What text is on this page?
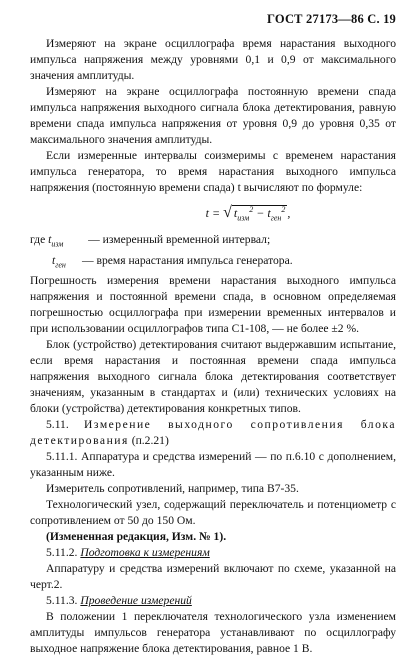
ГОСТ 27173—86 С. 19

Измеряют на экране осциллографа время нарастания выходного импульса напряжения между уровнями 0,1 и 0,9 от максимального значения амплитуды.

Измеряют на экране осциллографа постоянную времени спада импульса напряжения выходного сигнала блока детектирования, равную времени спада импульса напряжения от уровня 0,9 до уровня 0,35 от максимального значения амплитуды.

Если измеренные интервалы соизмеримы с временем нарастания импульса генератора, то время нарастания выходного импульса напряжения (постоянную времени спада) t вычисляют по формуле:

t = √ $t_{изм}^2 - t_{ген}^2$ ,
где
$t_{изм}$	— измеренный временной интервал;
$t_{ген}$	— время нарастания импульса генератора.

Погрешность измерения времени нарастания выходного импульса напряжения и постоянной времени спада, в основном определяемая погрешностью осциллографа при измерении временных интервалов и при использовании осциллографов типа С1-108, — не более ±2 %.

Блок (устройство) детектирования считают выдержавшим испытание, если время нарастания и постоянная времени спада импульса напряжения выходного сигнала блока детектирования соответствует значениям, указанным в стандартах и (или) технических условиях на блоки (устройства) детектирования конкретных типов.

5.11. Измерение выходного сопротивления блока детектирования (п.2.21)

5.11.1. Аппаратура и средства измерений — по п.6.10 с дополнением, указанным ниже.

Измеритель сопротивлений, например, типа В7-35.

Технологический узел, содержащий переключатель и потенциометр с сопротивлением от 50 до 150 Ом.

(Измененная редакция, Изм. № 1).

5.11.2. Подготовка к измерениям

Аппаратуру и средства измерений включают по схеме, указанной на черт.2.

5.11.3. Проведение измерений

В положении 1 переключателя технологического узла изменением амплитуды импульсов генератора устанавливают по осциллографу выходное напряжение блока детектирования, равное 1 В.
